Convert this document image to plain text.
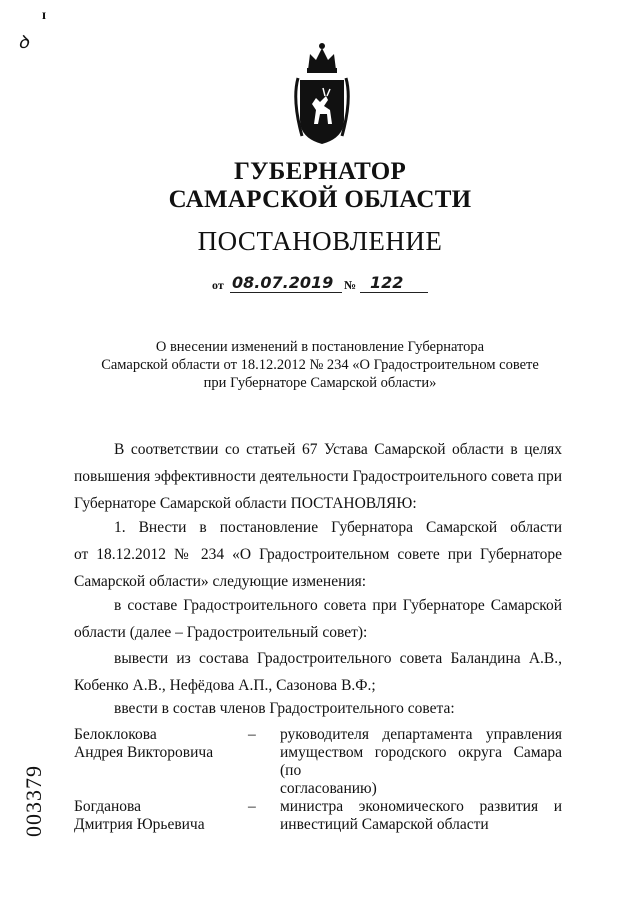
ɪ
ꝺ
ГУБЕРНАТОР
САМАРСКОЙ ОБЛАСТИ
ПОСТАНОВЛЕНИЕ
от 08.07.2019 № 122
О внесении изменений в постановление Губернатора
Самарской области от 18.12.2012 № 234 «О Градостроительном совете
при Губернаторе Самарской области»
В соответствии со статьей 67 Устава Самарской области в целях
повышения эффективности деятельности Градостроительного совета при
Губернаторе Самарской области ПОСТАНОВЛЯЮ:
1. Внести в постановление Губернатора Самарской области
от 18.12.2012 № 234 «О Градостроительном совете при Губернаторе
Самарской области» следующие изменения:
в составе Градостроительного совета при Губернаторе Самарской
области (далее – Градостроительный совет):
вывести из состава Градостроительного совета Баландина А.В.,
Кобенко А.В., Нефёдова А.П., Сазонова В.Ф.;
ввести в состав членов Градостроительного совета:
Белоклокова
Андрея Викторовича
– руководителя департамента управления
имуществом городского округа Самара (по
согласованию)
Богданова
Дмитрия Юрьевича
– министра экономического развития и
инвестиций Самарской области
003379
